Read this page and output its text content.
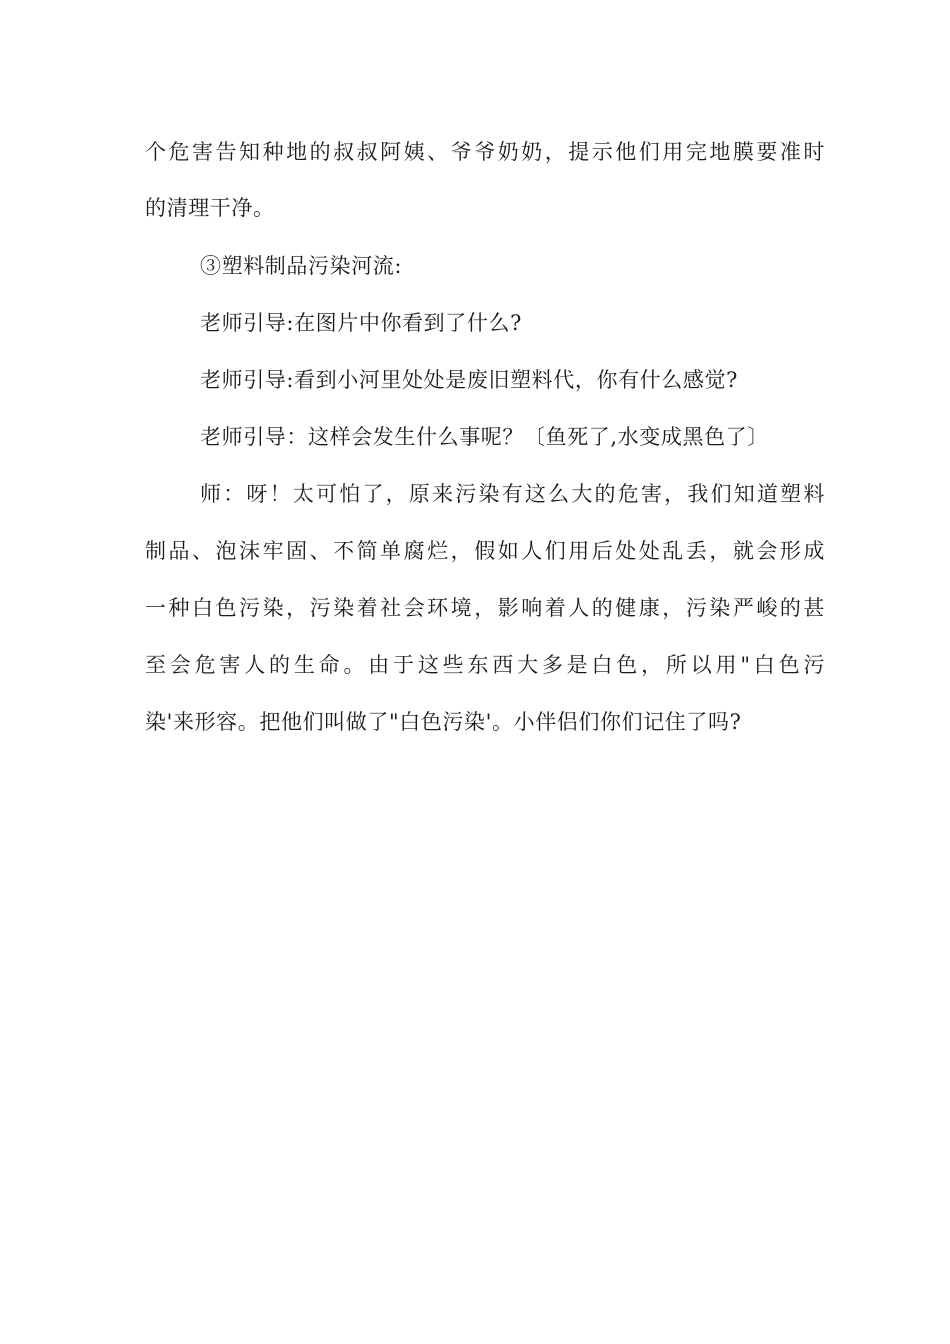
个危害告知种地的叔叔阿姨、爷爷奶奶，提示他们用完地膜要准时
的清理干净。
③塑料制品污染河流:
老师引导:在图片中你看到了什么?
老师引导:看到小河里处处是废旧塑料代，你有什么感觉?
老师引导：这样会发生什么事呢？〔鱼死了,水变成黑色了〕
师：呀！太可怕了，原来污染有这么大的危害，我们知道塑料
制品、泡沫牢固、不简单腐烂，假如人们用后处处乱丢，就会形成
一种白色污染，污染着社会环境，影响着人的健康，污染严峻的甚
至会危害人的生命。由于这些东西大多是白色，所以用"白色污
染'来形容。把他们叫做了"白色污染'。小伴侣们你们记住了吗?
